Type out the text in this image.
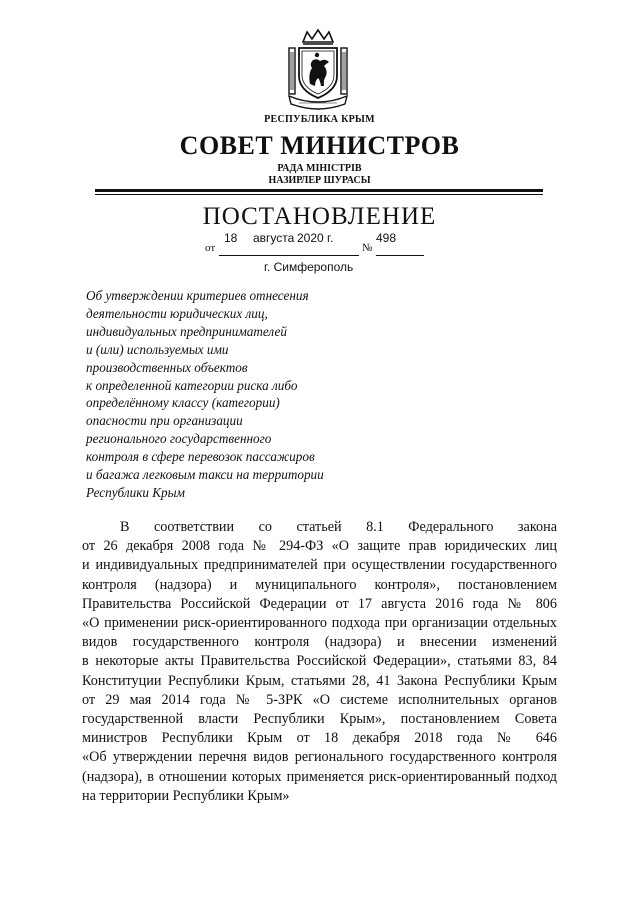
РЕСПУБЛИКА КРЫМ
СОВЕТ МИНИСТРОВ
РАДА МІНІСТРІВ
НАЗИРЛЕР ШУРАСЫ
ПОСТАНОВЛЕНИЕ
от
18 августа 2020 г.
№
498
г. Симферополь
Об утверждении критериев отнесения
деятельности юридических лиц,
индивидуальных предпринимателей
и (или) используемых ими
производственных объектов
к определенной категории риска либо
определённому классу (категории)
опасности при организации
регионального государственного
контроля в сфере перевозок пассажиров
и багажа легковым такси на территории
Республики Крым
В соответствии со статьей 8.1 Федерального закона
от 26 декабря 2008 года № 294-ФЗ «О защите прав юридических лиц
и индивидуальных предпринимателей при осуществлении государственного
контроля (надзора) и муниципального контроля», постановлением
Правительства Российской Федерации от 17 августа 2016 года № 806
«О применении риск-ориентированного подхода при организации отдельных
видов государственного контроля (надзора) и внесении изменений
в некоторые акты Правительства Российской Федерации», статьями 83, 84
Конституции Республики Крым, статьями 28, 41 Закона Республики Крым
от 29 мая 2014 года № 5-ЗРК «О системе исполнительных органов
государственной власти Республики Крым», постановлением Совета
министров Республики Крым от 18 декабря 2018 года № 646
«Об утверждении перечня видов регионального государственного контроля
(надзора), в отношении которых применяется риск-ориентированный подход
на территории Республики Крым»
